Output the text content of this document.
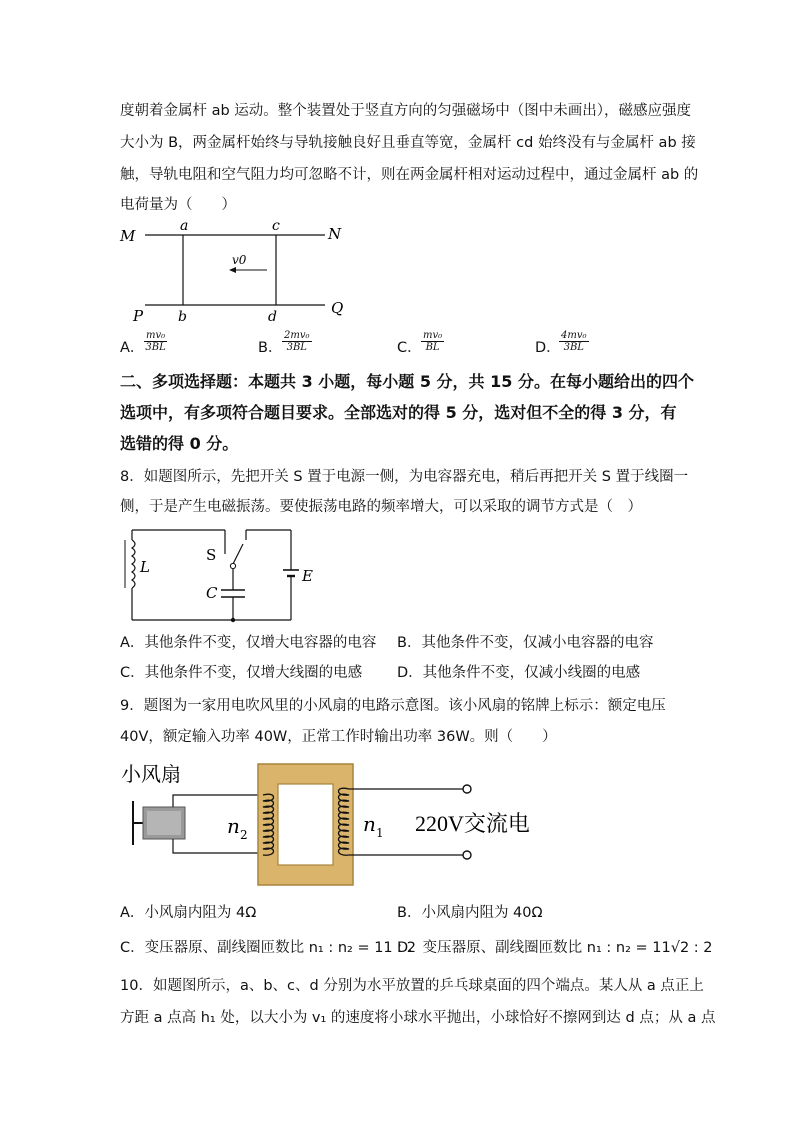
度朝着金属杆 ab 运动。整个装置处于竖直方向的匀强磁场中（图中未画出），磁感应强度
大小为 B，两金属杆始终与导轨接触良好且垂直等宽，金属杆 cd 始终没有与金属杆 ab 接
触，导轨电阻和空气阻力均可忽略不计，则在两金属杆相对运动过程中，通过金属杆 ab 的
电荷量为（　　）
M	N
P	Q
a	c
b	d
v0
A． $\frac{\text{mv₀}}{3BL}$	B． $\frac{\text{2mv₀}}{3BL}$	C． $\frac{\text{mv₀}}{BL}$	D．
$\frac{\text{4mv₀}}{3BL}$
二、多项选择题：本题共 3 小题，每小题 5 分，共 15 分。在每小题给出的四个
选项中，有多项符合题目要求。全部选对的得 5 分，选对但不全的得 3 分，有
选错的得 0 分。
8．如题图所示，先把开关 S 置于电源一侧，为电容器充电，稍后再把开关 S 置于线圈一
侧，于是产生电磁振荡。要使振荡电路的频率增大，可以采取的调节方式是（　）
L
S
C
E
A．其他条件不变，仅增大电容器的电容 B．其他条件不变，仅减小电容器的电容
C．其他条件不变，仅增大线圈的电感 D．其他条件不变，仅减小线圈的电感
9．题图为一家用电吹风里的小风扇的电路示意图。该小风扇的铭牌上标示：额定电压
40V，额定输入功率 40W，正常工作时输出功率 36W。则（　　）
小风扇
n 2	n 1 220V交流电
A．小风扇内阻为 4Ω	B．小风扇内阻为 40Ω
C．变压器原、副线圈匝数比 n₁ : n₂ = 11 : 2
D．变压器原、副线圈匝数比 n₁ : n₂ = 11√2 : 2
10．如题图所示，a、b、c、d 分别为水平放置的乒乓球桌面的四个端点。某人从 a 点正上
方距 a 点高 h₁ 处，以大小为 v₁ 的速度将小球水平抛出，小球恰好不擦网到达 d 点；从 a 点
